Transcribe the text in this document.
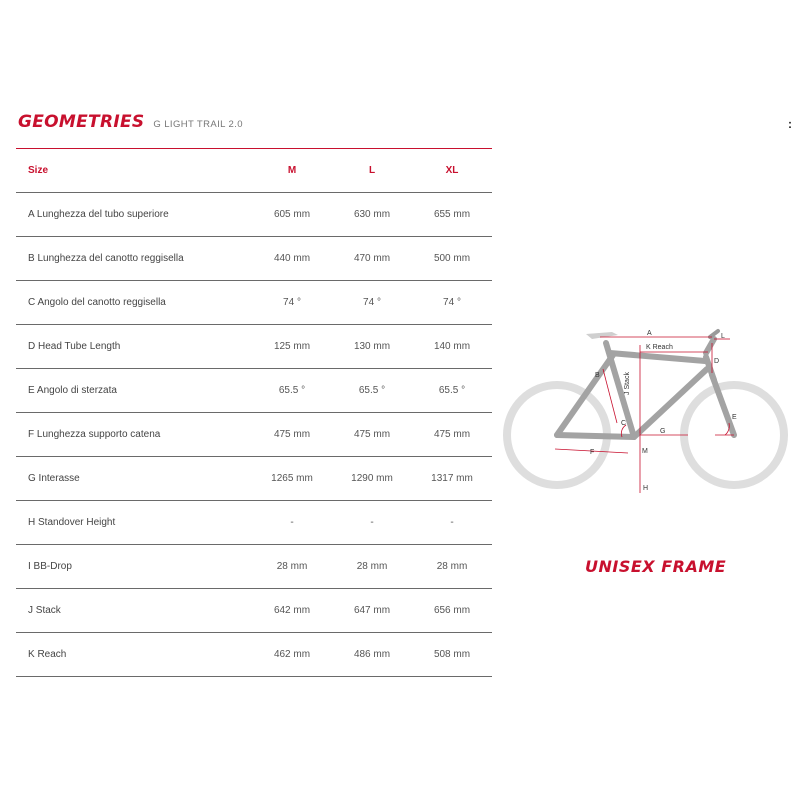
GEOMETRIES G LIGHT TRAIL 2.0	:
Size	M	L	XL
A Lunghezza del tubo superiore	605 mm	630 mm	655 mm
B Lunghezza del canotto reggisella	440 mm	470 mm	500 mm
C Angolo del canotto reggisella	74 °	74 °	74 °
D Head Tube Length	125 mm	130 mm	140 mm
E Angolo di sterzata	65.5 °	65.5 °	65.5 °
F Lunghezza supporto catena	475 mm	475 mm	475 mm
G Interasse	1265 mm	1290 mm	1317 mm
H Standover Height	-	-	-
I BB-Drop	28 mm	28 mm	28 mm
J Stack	642 mm	647 mm	656 mm
K Reach	462 mm	486 mm	508 mm
A
K Reach
D
B	J Stack
C
E
F
G
M
H
L
UNISEX FRAME
